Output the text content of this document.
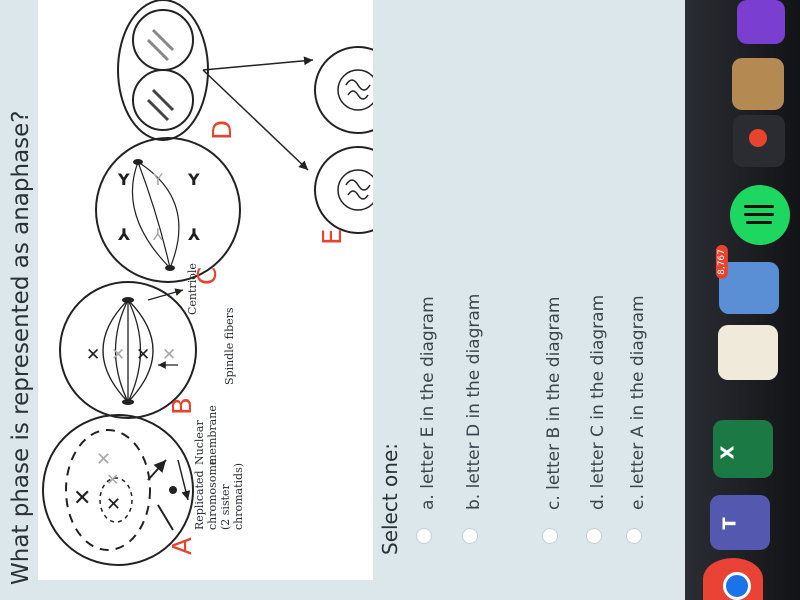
What phase is represented as anaphase? ✕ ✕
✕
✕
✕ ✕ ✕ ✕
Y Y Y
⅄ ⅄ ⅄
A
B
C
D
E
Replicated chromosome (2 sister chromatids)
Nuclear membrane
Spindle fibers
Centriole
Select one: a. letter E in the diagram b. letter D in the diagram	c. letter B in the diagram d. letter C in the diagram e. letter A in the diagram
8,767
X
T
